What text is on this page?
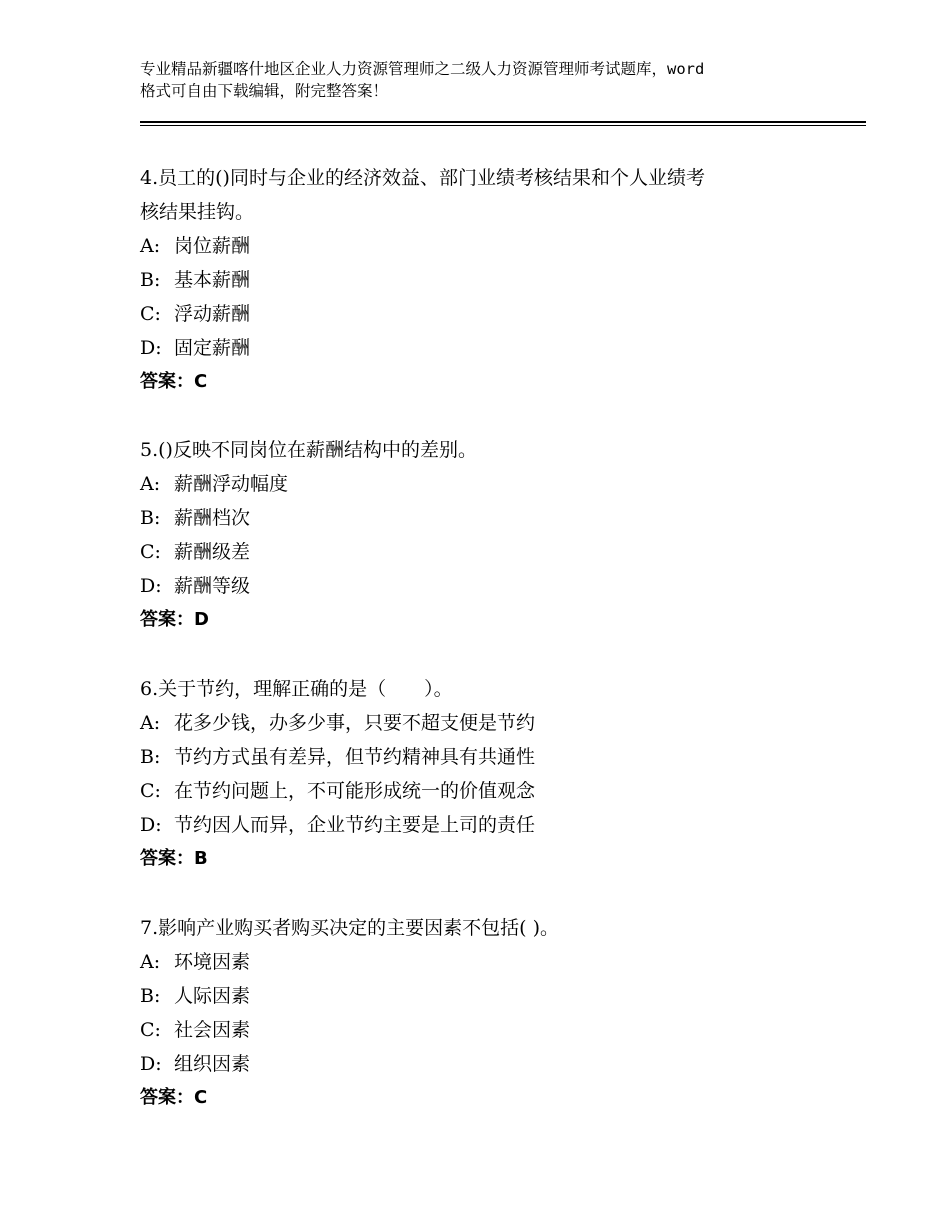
专业精品新疆喀什地区企业人力资源管理师之二级人力资源管理师考试题库，word
格式可自由下载编辑，附完整答案！
4.员工的()同时与企业的经济效益、部门业绩考核结果和个人业绩考
核结果挂钩。
A: 岗位薪酬
B: 基本薪酬
C: 浮动薪酬
D: 固定薪酬
答案：C
5.()反映不同岗位在薪酬结构中的差别。
A: 薪酬浮动幅度
B: 薪酬档次
C: 薪酬级差
D: 薪酬等级
答案：D
6.关于节约，理解正确的是（　　）。
A: 花多少钱，办多少事，只要不超支便是节约
B: 节约方式虽有差异，但节约精神具有共通性
C: 在节约问题上，不可能形成统一的价值观念
D: 节约因人而异，企业节约主要是上司的责任
答案：B
7.影响产业购买者购买决定的主要因素不包括( )。
A: 环境因素
B: 人际因素
C: 社会因素
D: 组织因素
答案：C
